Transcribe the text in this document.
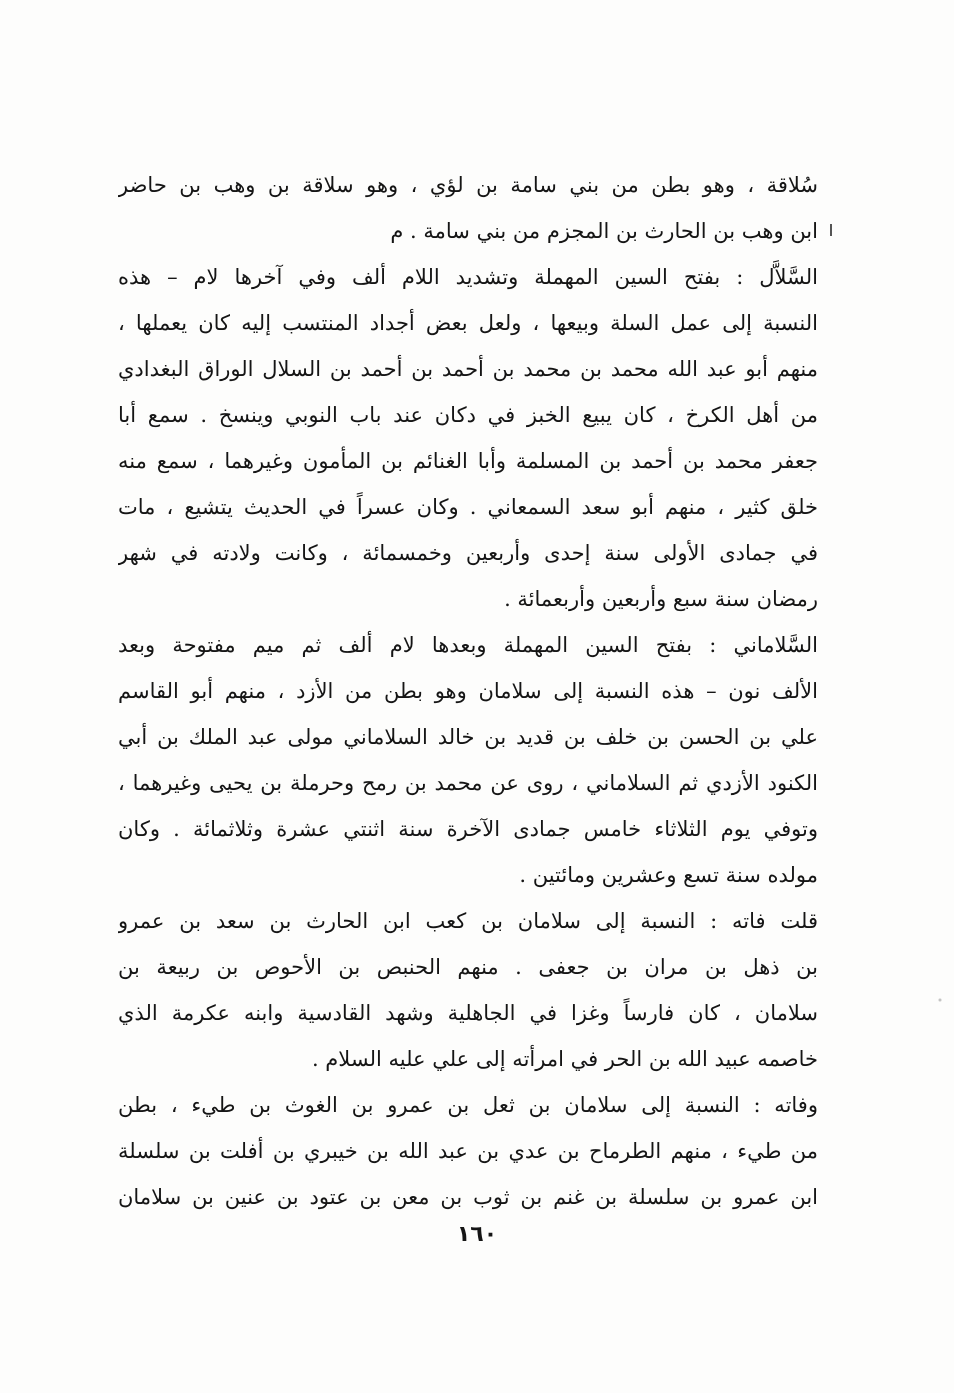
سُلاقة ، وهو بطن من بني سامة بن لؤي ، وهو سلاقة بن وهب بن حاضر
ابن وهب بن الحارث بن المجزم من بني سامة . م
السَّلاَّل : بفتح السين المهملة وتشديد اللام ألف وفي آخرها لام – هذه
النسبة إلى عمل السلة وبيعها ، ولعل بعض أجداد المنتسب إليه كان يعملها ،
منهم أبو عبد الله محمد بن محمد بن أحمد بن أحمد بن السلال الوراق البغدادي
من أهل الكرخ ، كان يبيع الخبز في دكان عند باب النوبي وينسخ . سمع أبا
جعفر محمد بن أحمد بن المسلمة وأبا الغنائم بن المأمون وغيرهما ، سمع منه
خلق كثير ، منهم أبو سعد السمعاني . وكان عسراً في الحديث يتشيع ، مات
في جمادى الأولى سنة إحدى وأربعين وخمسمائة ، وكانت ولادته في شهر
رمضان سنة سبع وأربعين وأربعمائة .
السَّلاماني : بفتح السين المهملة وبعدها لام ألف ثم ميم مفتوحة وبعد
الألف نون – هذه النسبة إلى سلامان وهو بطن من الأزد ، منهم أبو القاسم
علي بن الحسن بن خلف بن قديد بن خالد السلاماني مولى عبد الملك بن أبي
الكنود الأزدي ثم السلاماني ، روى عن محمد بن رمح وحرملة بن يحيى وغيرهما ،
وتوفي يوم الثلاثاء خامس جمادى الآخرة سنة اثنتي عشرة وثلاثمائة . وكان
مولده سنة تسع وعشرين ومائتين .
قلت فاته : النسبة إلى سلامان بن كعب ابن الحارث بن سعد بن عمرو
بن ذهل بن مران بن جعفى . منهم الحنبص بن الأحوص بن ربيعة بن
سلامان ، كان فارساً وغزا في الجاهلية وشهد القادسية وابنه عكرمة الذي
خاصمه عبيد الله بن الحر في امرأته إلى علي عليه السلام .
وفاته : النسبة إلى سلامان بن ثعل بن عمرو بن الغوث بن طيء ، بطن
من طيء ، منهم الطرماح بن عدي بن عبد الله بن خيبري بن أفلت بن سلسلة
ابن عمرو بن سلسلة بن غنم بن ثوب بن معن بن عتود بن عنين بن سلامان
١٦٠
